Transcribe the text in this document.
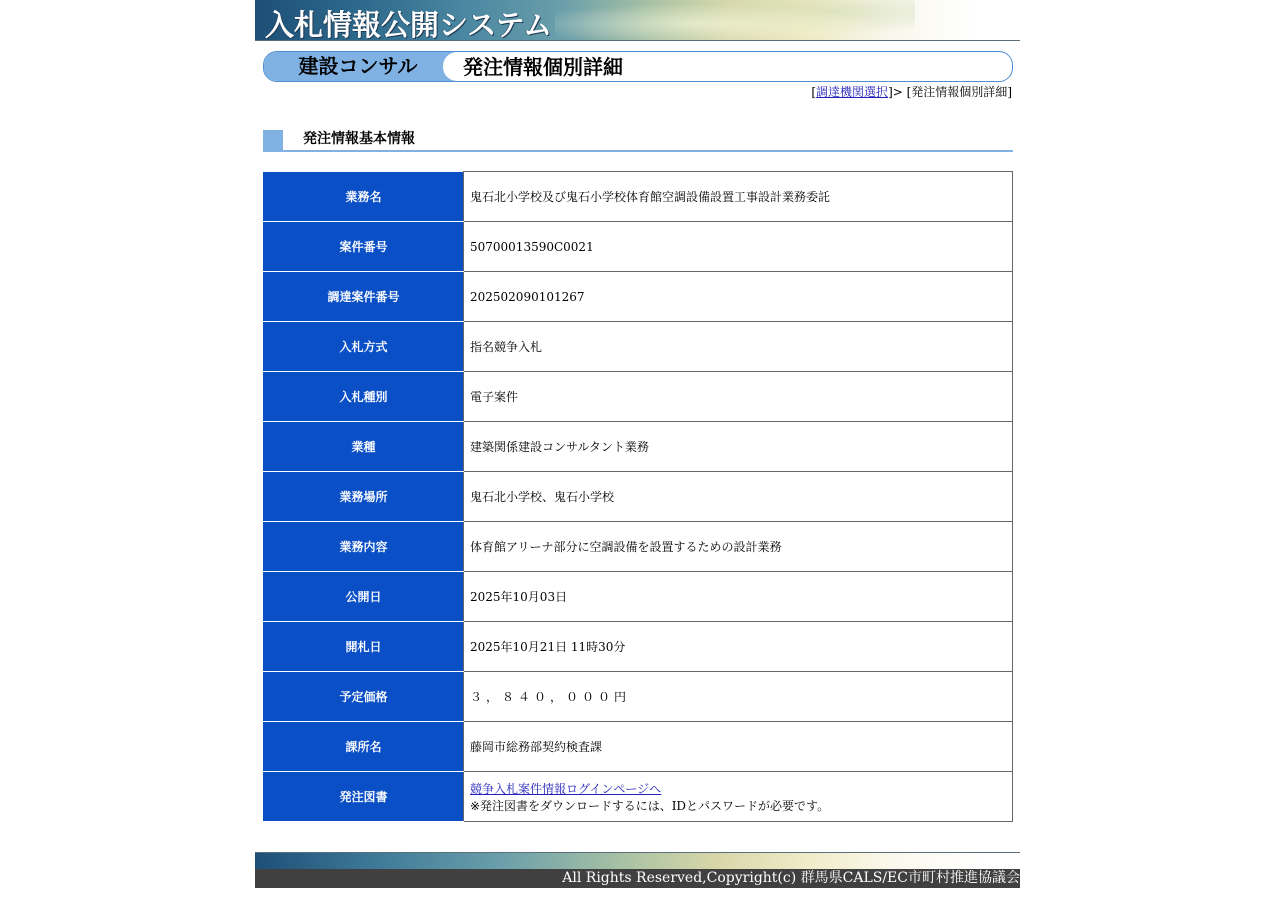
入札情報公開システム
建設コンサル	発注情報個別詳細
[調達機関選択]> [発注情報個別詳細]
発注情報基本情報
業務名	鬼石北小学校及び鬼石小学校体育館空調設備設置工事設計業務委託
案件番号	50700013590C0021
調達案件番号	202502090101267
入札方式	指名競争入札
入札種別	電子案件
業種	建築関係建設コンサルタント業務
業務場所	鬼石北小学校、鬼石小学校
業務内容	体育館アリーナ部分に空調設備を設置するための設計業務
公開日	2025年10月03日
開札日	2025年10月21日 11時30分
予定価格	３，８４０，０００円
課所名	藤岡市総務部契約検査課
発注図書	競争入札案件情報ログインページへ
※発注図書をダウンロードするには、IDとパスワードが必要です。
All Rights Reserved,Copyright(c) 群馬県CALS/EC市町村推進協議会
